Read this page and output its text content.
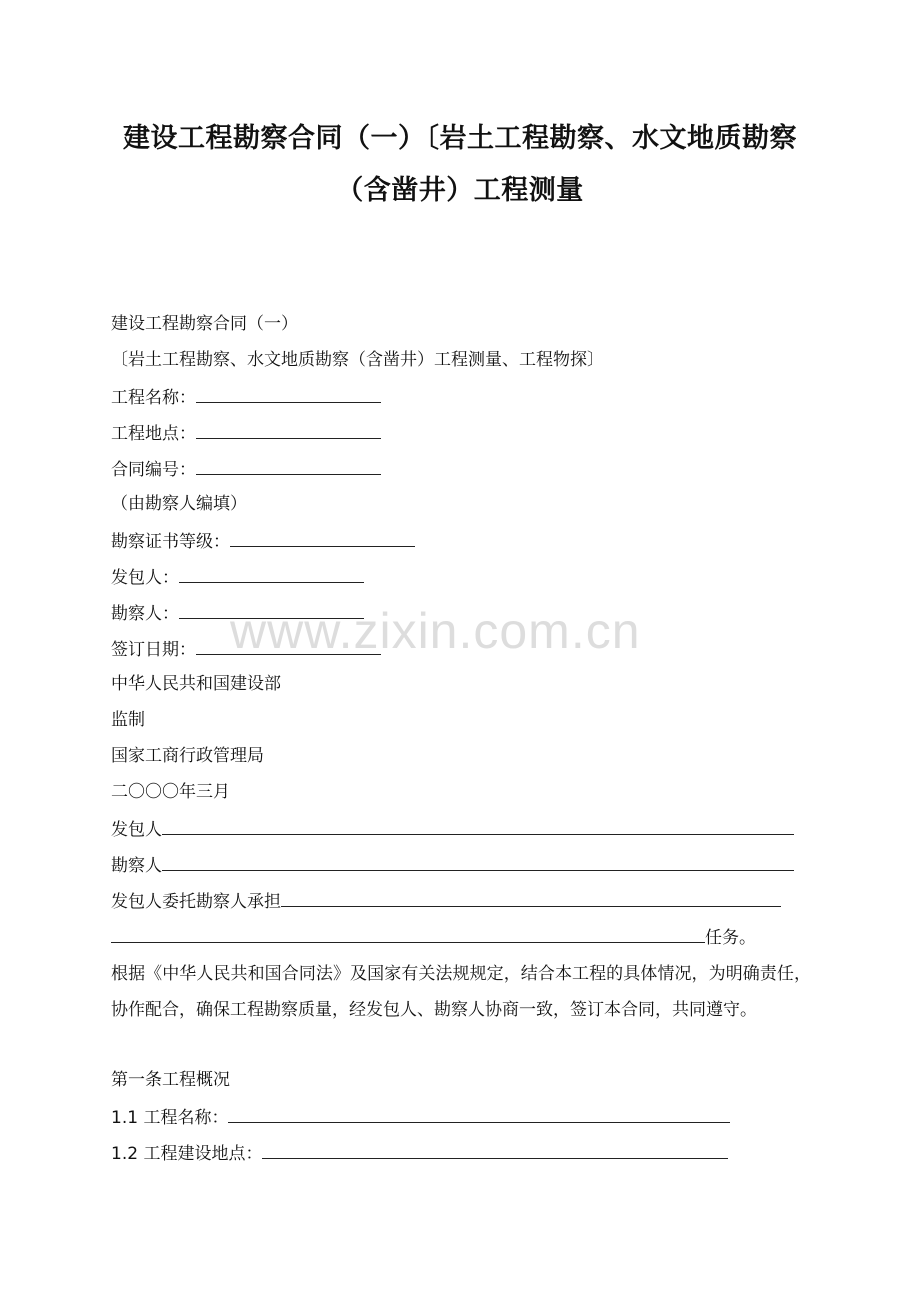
建设工程勘察合同（一）〔岩土工程勘察、水文地质勘察
（含凿井）工程测量

建设工程勘察合同（一）

〔岩土工程勘察、水文地质勘察（含凿井）工程测量、工程物探〕

工程名称：

工程地点：

合同编号：

（由勘察人编填）

勘察证书等级：

发包人：

勘察人：

签订日期：

中华人民共和国建设部

监制

国家工商行政管理局

二〇〇〇年三月

发包人

勘察人

发包人委托勘察人承担

任务。

根据《中华人民共和国合同法》及国家有关法规规定，结合本工程的具体情况，为明确责任，协作配合，确保工程勘察质量，经发包人、勘察人协商一致，签订本合同，共同遵守。

第一条工程概况

1.1 工程名称：

1.2 工程建设地点：

www.zixin.com.cn
